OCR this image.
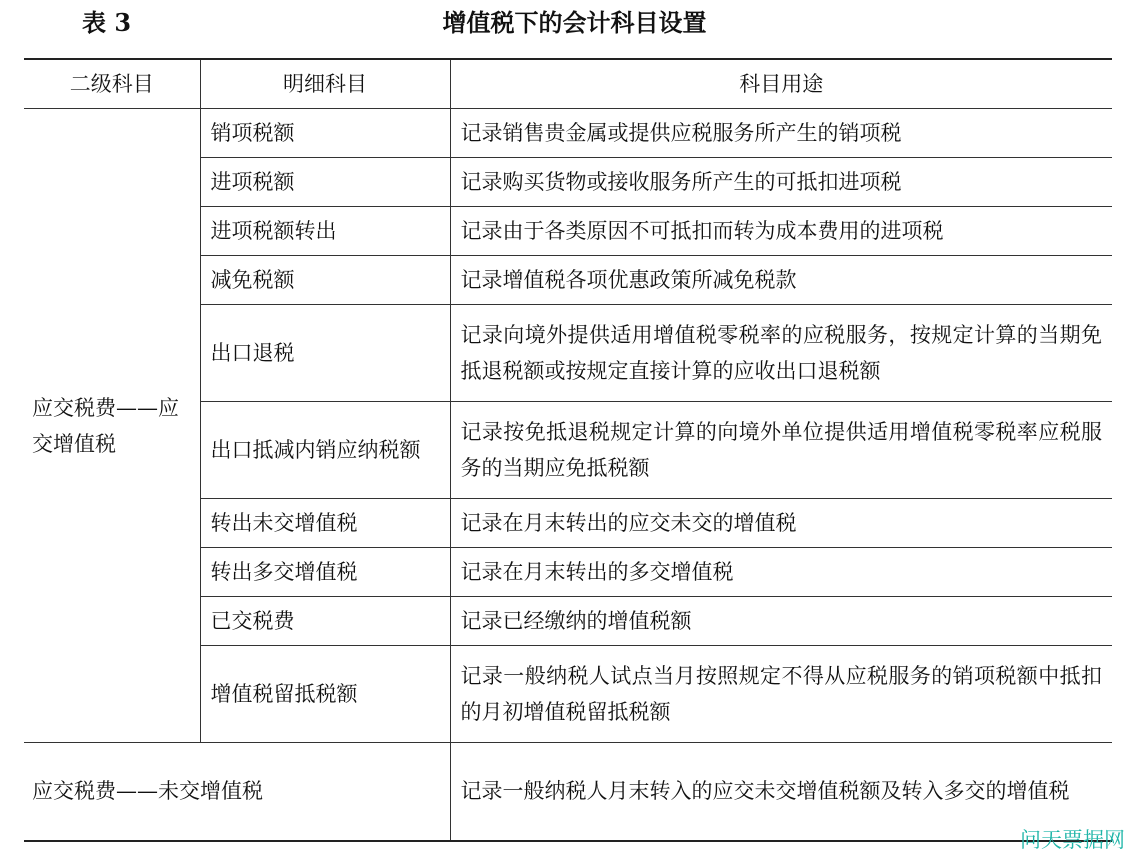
表 3	增值税下的会计科目设置
二级科目	明细科目	科目用途
应交税费——应交增值税	销项税额	记录销售贵金属或提供应税服务所产生的销项税
	进项税额	记录购买货物或接收服务所产生的可抵扣进项税
	进项税额转出	记录由于各类原因不可抵扣而转为成本费用的进项税
	减免税额	记录增值税各项优惠政策所减免税款
	出口退税	记录向境外提供适用增值税零税率的应税服务，按规定计算的当期免抵退税额或按规定直接计算的应收出口退税额
	出口抵减内销应纳税额	记录按免抵退税规定计算的向境外单位提供适用增值税零税率应税服务的当期应免抵税额
	转出未交增值税	记录在月末转出的应交未交的增值税
	转出多交增值税	记录在月末转出的多交增值税
	已交税费	记录已经缴纳的增值税额
	增值税留抵税额	记录一般纳税人试点当月按照规定不得从应税服务的销项税额中抵扣的月初增值税留抵税额
应交税费——未交增值税		记录一般纳税人月末转入的应交未交增值税额及转入多交的增值税
问天票据网
